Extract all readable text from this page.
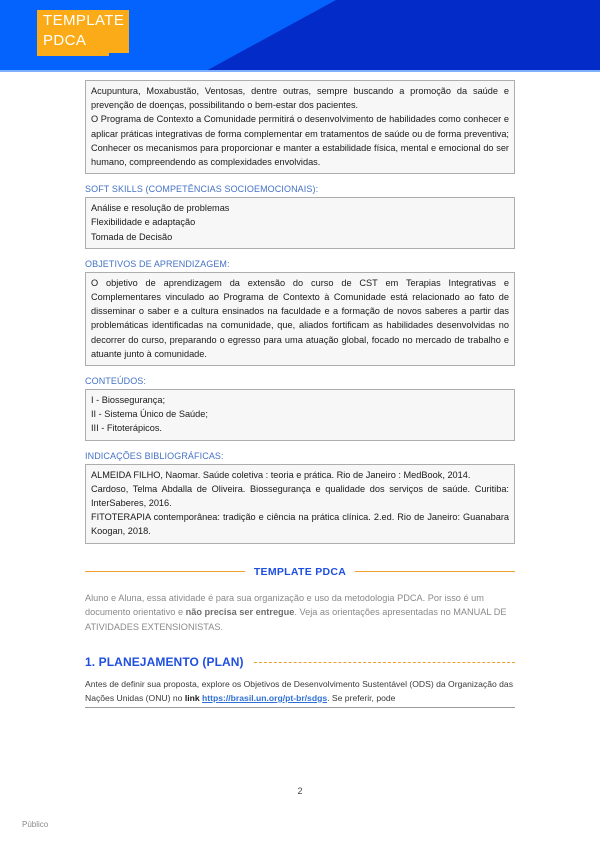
TEMPLATE
PDCA

Acupuntura, Moxabustão, Ventosas, dentre outras, sempre buscando a promoção da saúde e prevenção de doenças, possibilitando o bem-estar dos pacientes.

O Programa de Contexto a Comunidade permitirá o desenvolvimento de habilidades como conhecer e aplicar práticas integrativas de forma complementar em tratamentos de saúde ou de forma preventiva; Conhecer os mecanismos para proporcionar e manter a estabilidade física, mental e emocional do ser humano, compreendendo as complexidades envolvidas.

SOFT SKILLS (COMPETÊNCIAS SOCIOEMOCIONAIS):

Análise e resolução de problemas

Flexibilidade e adaptação

Tomada de Decisão

OBJETIVOS DE APRENDIZAGEM:

O objetivo de aprendizagem da extensão do curso de CST em Terapias Integrativas e Complementares vinculado ao Programa de Contexto à Comunidade está relacionado ao fato de disseminar o saber e a cultura ensinados na faculdade e a formação de novos saberes a partir das problemáticas identificadas na comunidade, que, aliados fortificam as habilidades desenvolvidas no decorrer do curso, preparando o egresso para uma atuação global, focado no mercado de trabalho e atuante junto à comunidade.

CONTEÚDOS:

I - Biossegurança;

II - Sistema Único de Saúde;

III - Fitoterápicos.

INDICAÇÕES BIBLIOGRÁFICAS:

ALMEIDA FILHO, Naomar. Saúde coletiva : teoria e prática. Rio de Janeiro : MedBook, 2014.

Cardoso, Telma Abdalla de Oliveira. Biossegurança e qualidade dos serviços de saúde. Curitiba: InterSaberes, 2016.

FITOTERAPIA contemporânea: tradição e ciência na prática clínica. 2.ed. Rio de Janeiro: Guanabara Koogan, 2018.

TEMPLATE PDCA
Aluno e Aluna, essa atividade é para sua organização e uso da metodologia PDCA. Por isso é um documento orientativo e não precisa ser entregue. Veja as orientações apresentadas no MANUAL DE ATIVIDADES EXTENSIONISTAS.
1. PLANEJAMENTO (PLAN)
Antes de definir sua proposta, explore os Objetivos de Desenvolvimento Sustentável (ODS) da Organização das Nações Unidas (ONU) no link https://brasil.un.org/pt-br/sdgs. Se preferir, pode
2
Público
